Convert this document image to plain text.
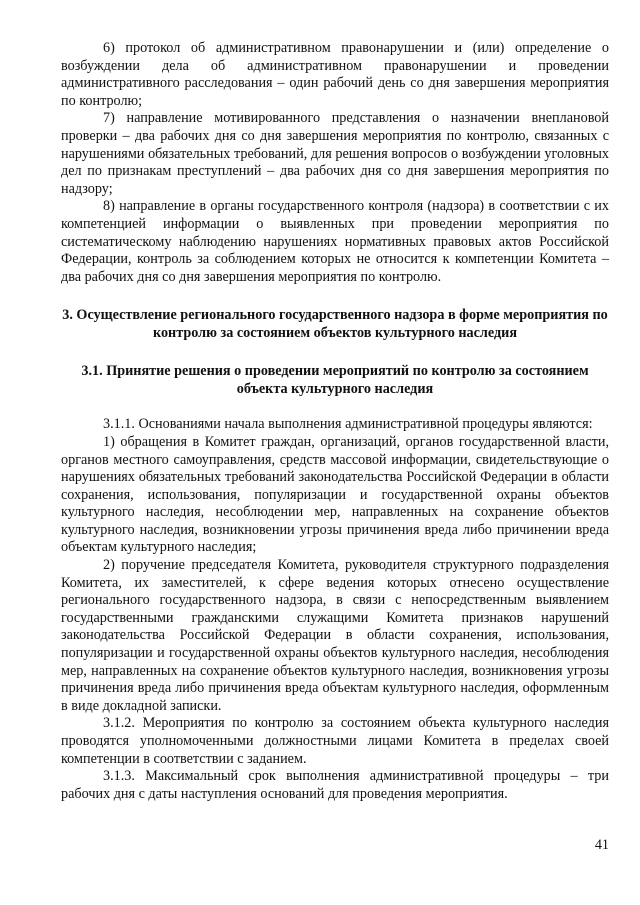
6) протокол об административном правонарушении и (или) определение о возбуждении дела об административном правонарушении и проведении административного расследования – один рабочий день со дня завершения мероприятия по контролю;

7) направление мотивированного представления о назначении внеплановой проверки – два рабочих дня со дня завершения мероприятия по контролю, связанных с нарушениями обязательных требований, для решения вопросов о возбуждении уголовных дел по признакам преступлений – два рабочих дня со дня завершения мероприятия по надзору;

8) направление в органы государственного контроля (надзора) в соответствии с их компетенцией информации о выявленных при проведении мероприятия по систематическому наблюдению нарушениях нормативных правовых актов Российской Федерации, контроль за соблюдением которых не относится к компетенции Комитета – два рабочих дня со дня завершения мероприятия по контролю.

3. Осуществление регионального государственного надзора в форме мероприятия по контролю за состоянием объектов культурного наследия

3.1. Принятие решения о проведении мероприятий по контролю за состоянием объекта культурного наследия

3.1.1. Основаниями начала выполнения административной процедуры являются:

1) обращения в Комитет граждан, организаций, органов государственной власти, органов местного самоуправления, средств массовой информации, свидетельствующие о нарушениях обязательных требований законодательства Российской Федерации в области сохранения, использования, популяризации и государственной охраны объектов культурного наследия, несоблюдении мер, направленных на сохранение объектов культурного наследия, возникновении угрозы причинения вреда либо причинении вреда объектам культурного наследия;

2) поручение председателя Комитета, руководителя структурного подразделения Комитета, их заместителей, к сфере ведения которых отнесено осуществление регионального государственного надзора, в связи с непосредственным выявлением государственными гражданскими служащими Комитета признаков нарушений законодательства Российской Федерации в области сохранения, использования, популяризации и государственной охраны объектов культурного наследия, несоблюдения мер, направленных на сохранение объектов культурного наследия, возникновения угрозы причинения вреда либо причинения вреда объектам культурного наследия, оформленным в виде докладной записки.

3.1.2. Мероприятия по контролю за состоянием объекта культурного наследия проводятся уполномоченными должностными лицами Комитета в пределах своей компетенции в соответствии с заданием.

3.1.3. Максимальный срок выполнения административной процедуры – три рабочих дня с даты наступления оснований для проведения мероприятия.

41
